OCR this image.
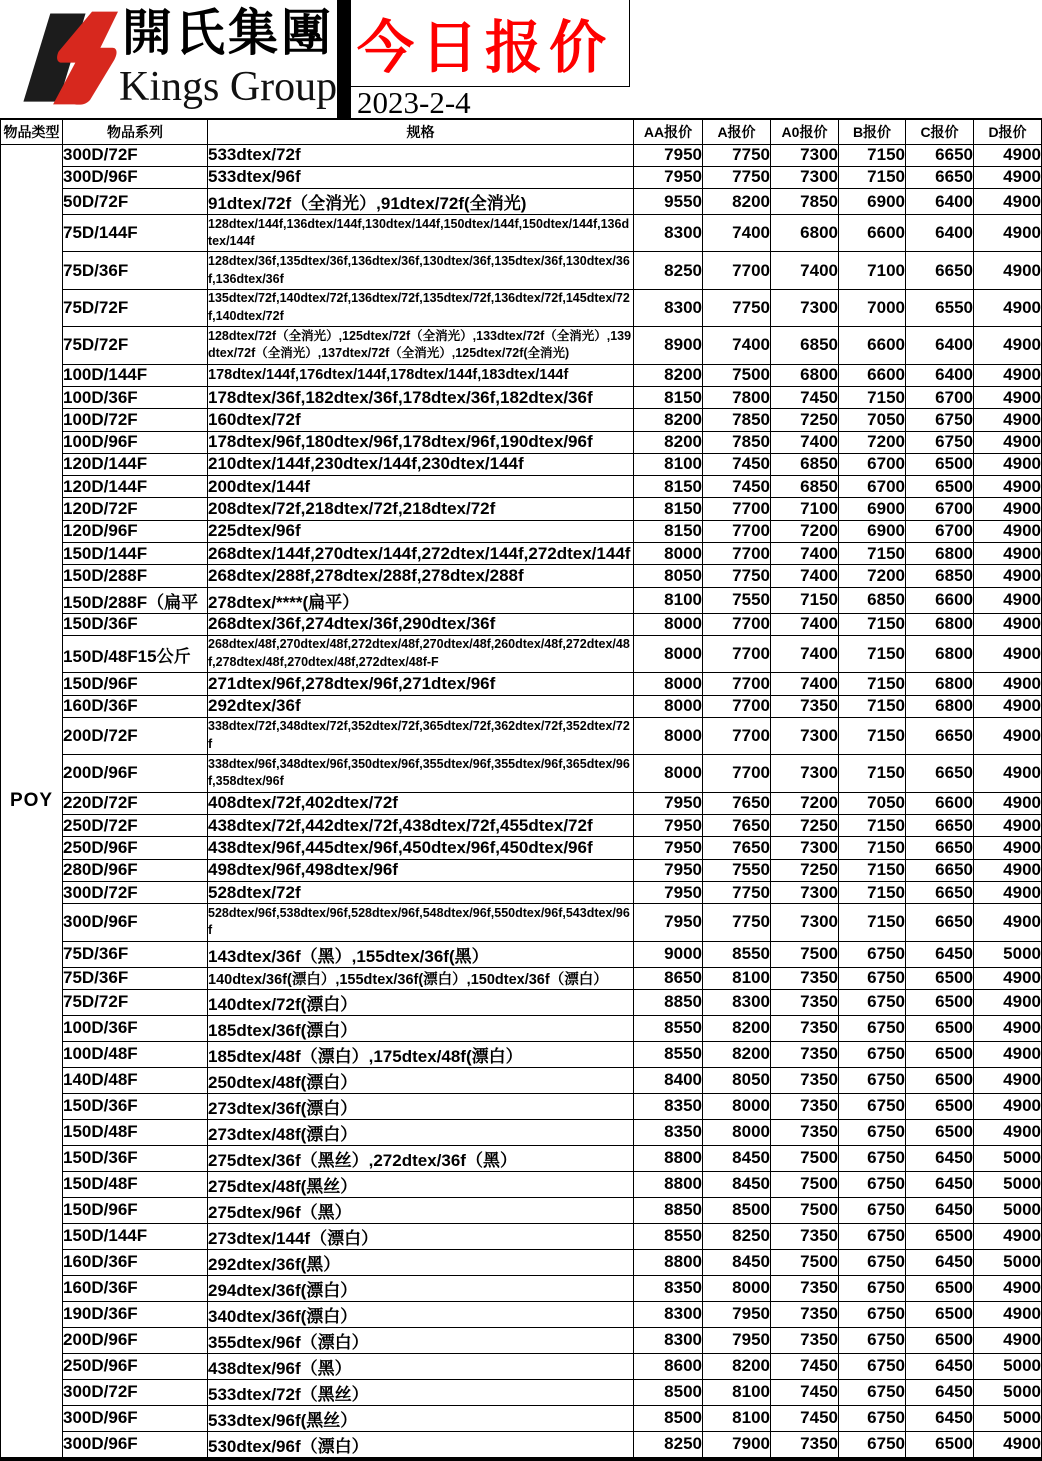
開氏集團
Kings Group
今日报价
2023-2-4
物品类型	物品系列	规格	AA报价	A报价	A0报价	B报价	C报价	D报价
POY	300D/72F	533dtex/72f	7950	7750	7300	7150	6650	4900
	300D/96F	533dtex/96f	7950	7750	7300	7150	6650	4900
	50D/72F	91dtex/72f（全消光）,91dtex/72f(全消光)	9550	8200	7850	6900	6400	4900
	75D/144F	128dtex/144f,136dtex/144f,130dtex/144f,150dtex/144f,150dtex/144f,136dtex/144f	8300	7400	6800	6600	6400	4900
	75D/36F	128dtex/36f,135dtex/36f,136dtex/36f,130dtex/36f,135dtex/36f,130dtex/36f,136dtex/36f	8250	7700	7400	7100	6650	4900
	75D/72F	135dtex/72f,140dtex/72f,136dtex/72f,135dtex/72f,136dtex/72f,145dtex/72f,140dtex/72f	8300	7750	7300	7000	6550	4900
	75D/72F	128dtex/72f（全消光）,125dtex/72f（全消光）,133dtex/72f（全消光）,139dtex/72f（全消光）,137dtex/72f（全消光）,125dtex/72f(全消光)	8900	7400	6850	6600	6400	4900
	100D/144F	178dtex/144f,176dtex/144f,178dtex/144f,183dtex/144f	8200	7500	6800	6600	6400	4900
	100D/36F	178dtex/36f,182dtex/36f,178dtex/36f,182dtex/36f	8150	7800	7450	7150	6700	4900
	100D/72F	160dtex/72f	8200	7850	7250	7050	6750	4900
	100D/96F	178dtex/96f,180dtex/96f,178dtex/96f,190dtex/96f	8200	7850	7400	7200	6750	4900
	120D/144F	210dtex/144f,230dtex/144f,230dtex/144f	8100	7450	6850	6700	6500	4900
	120D/144F	200dtex/144f	8150	7450	6850	6700	6500	4900
	120D/72F	208dtex/72f,218dtex/72f,218dtex/72f	8150	7700	7100	6900	6700	4900
	120D/96F	225dtex/96f	8150	7700	7200	6900	6700	4900
	150D/144F	268dtex/144f,270dtex/144f,272dtex/144f,272dtex/144f	8000	7700	7400	7150	6800	4900
	150D/288F	268dtex/288f,278dtex/288f,278dtex/288f	8050	7750	7400	7200	6850	4900
	150D/288F（扁平	278dtex/****(扁平）	8100	7550	7150	6850	6600	4900
	150D/36F	268dtex/36f,274dtex/36f,290dtex/36f	8000	7700	7400	7150	6800	4900
	150D/48F15公斤	268dtex/48f,270dtex/48f,272dtex/48f,270dtex/48f,260dtex/48f,272dtex/48f,278dtex/48f,270dtex/48f,272dtex/48f-F	8000	7700	7400	7150	6800	4900
	150D/96F	271dtex/96f,278dtex/96f,271dtex/96f	8000	7700	7400	7150	6800	4900
	160D/36F	292dtex/36f	8000	7700	7350	7150	6800	4900
	200D/72F	338dtex/72f,348dtex/72f,352dtex/72f,365dtex/72f,362dtex/72f,352dtex/72f	8000	7700	7300	7150	6650	4900
	200D/96F	338dtex/96f,348dtex/96f,350dtex/96f,355dtex/96f,355dtex/96f,365dtex/96f,358dtex/96f	8000	7700	7300	7150	6650	4900
	220D/72F	408dtex/72f,402dtex/72f	7950	7650	7200	7050	6600	4900
	250D/72F	438dtex/72f,442dtex/72f,438dtex/72f,455dtex/72f	7950	7650	7250	7150	6650	4900
	250D/96F	438dtex/96f,445dtex/96f,450dtex/96f,450dtex/96f	7950	7650	7300	7150	6650	4900
	280D/96F	498dtex/96f,498dtex/96f	7950	7550	7250	7150	6650	4900
	300D/72F	528dtex/72f	7950	7750	7300	7150	6650	4900
	300D/96F	528dtex/96f,538dtex/96f,528dtex/96f,548dtex/96f,550dtex/96f,543dtex/96f	7950	7750	7300	7150	6650	4900
	75D/36F	143dtex/36f（黑）,155dtex/36f(黑）	9000	8550	7500	6750	6450	5000
	75D/36F	140dtex/36f(漂白）,155dtex/36f(漂白）,150dtex/36f（漂白）	8650	8100	7350	6750	6500	4900
	75D/72F	140dtex/72f(漂白）	8850	8300	7350	6750	6500	4900
	100D/36F	185dtex/36f(漂白）	8550	8200	7350	6750	6500	4900
	100D/48F	185dtex/48f（漂白）,175dtex/48f(漂白）	8550	8200	7350	6750	6500	4900
	140D/48F	250dtex/48f(漂白）	8400	8050	7350	6750	6500	4900
	150D/36F	273dtex/36f(漂白）	8350	8000	7350	6750	6500	4900
	150D/48F	273dtex/48f(漂白）	8350	8000	7350	6750	6500	4900
	150D/36F	275dtex/36f（黑丝）,272dtex/36f（黑）	8800	8450	7500	6750	6450	5000
	150D/48F	275dtex/48f(黑丝）	8800	8450	7500	6750	6450	5000
	150D/96F	275dtex/96f（黑）	8850	8500	7500	6750	6450	5000
	150D/144F	273dtex/144f（漂白）	8550	8250	7350	6750	6500	4900
	160D/36F	292dtex/36f(黑）	8800	8450	7500	6750	6450	5000
	160D/36F	294dtex/36f(漂白）	8350	8000	7350	6750	6500	4900
	190D/36F	340dtex/36f(漂白）	8300	7950	7350	6750	6500	4900
	200D/96F	355dtex/96f（漂白）	8300	7950	7350	6750	6500	4900
	250D/96F	438dtex/96f（黑）	8600	8200	7450	6750	6450	5000
	300D/72F	533dtex/72f（黑丝）	8500	8100	7450	6750	6450	5000
	300D/96F	533dtex/96f(黑丝）	8500	8100	7450	6750	6450	5000
	300D/96F	530dtex/96f（漂白）	8250	7900	7350	6750	6500	4900
